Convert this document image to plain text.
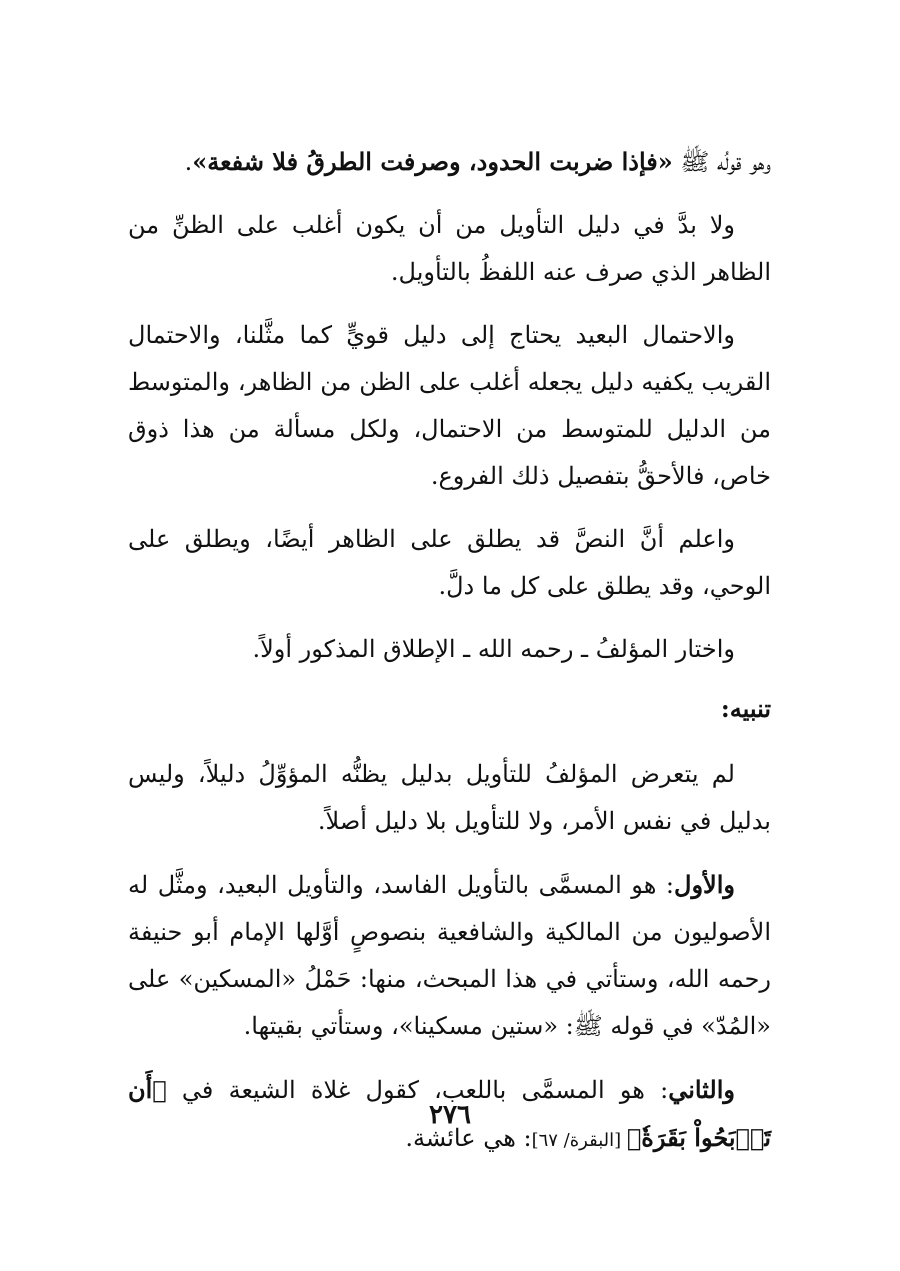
وهو قولُه ﷺ «فإذا ضربت الحدود، وصرفت الطرقُ فلا شفعة».

ولا بدَّ في دليل التأويل من أن يكون أغلب على الظنِّ من الظاهر الذي صرف عنه اللفظُ بالتأويل.

والاحتمال البعيد يحتاج إلى دليل قويٍّ كما مثَّلنا، والاحتمال القريب يكفيه دليل يجعله أغلب على الظن من الظاهر، والمتوسط من الدليل للمتوسط من الاحتمال، ولكل مسألة من هذا ذوق خاص، فالأحقُّ بتفصيل ذلك الفروع.

واعلم أنَّ النصَّ قد يطلق على الظاهر أيضًا، ويطلق على الوحي، وقد يطلق على كل ما دلَّ.

واختار المؤلفُ ـ رحمه الله ـ الإطلاق المذكور أولاً.

تنبيه:

لم يتعرض المؤلفُ للتأويل بدليل يظنُّه المؤوِّلُ دليلاً، وليس بدليل في نفس الأمر، ولا للتأويل بلا دليل أصلاً.

والأول: هو المسمَّى بالتأويل الفاسد، والتأويل البعيد، ومثَّل له الأصوليون من المالكية والشافعية بنصوصٍ أوَّلها الإمام أبو حنيفة رحمه الله، وستأتي في هذا المبحث، منها: حَمْلُ «المسكين» على «المُدّ» في قوله ﷺ: «ستين مسكينا»، وستأتي بقيتها.

والثاني: هو المسمَّى باللعب، كقول غلاة الشيعة في ﴿أَن تَذۡبَحُواْ بَقَرَةٗ﴾ [البقرة/ ٦٧]: هي عائشة.

٢٧٦
